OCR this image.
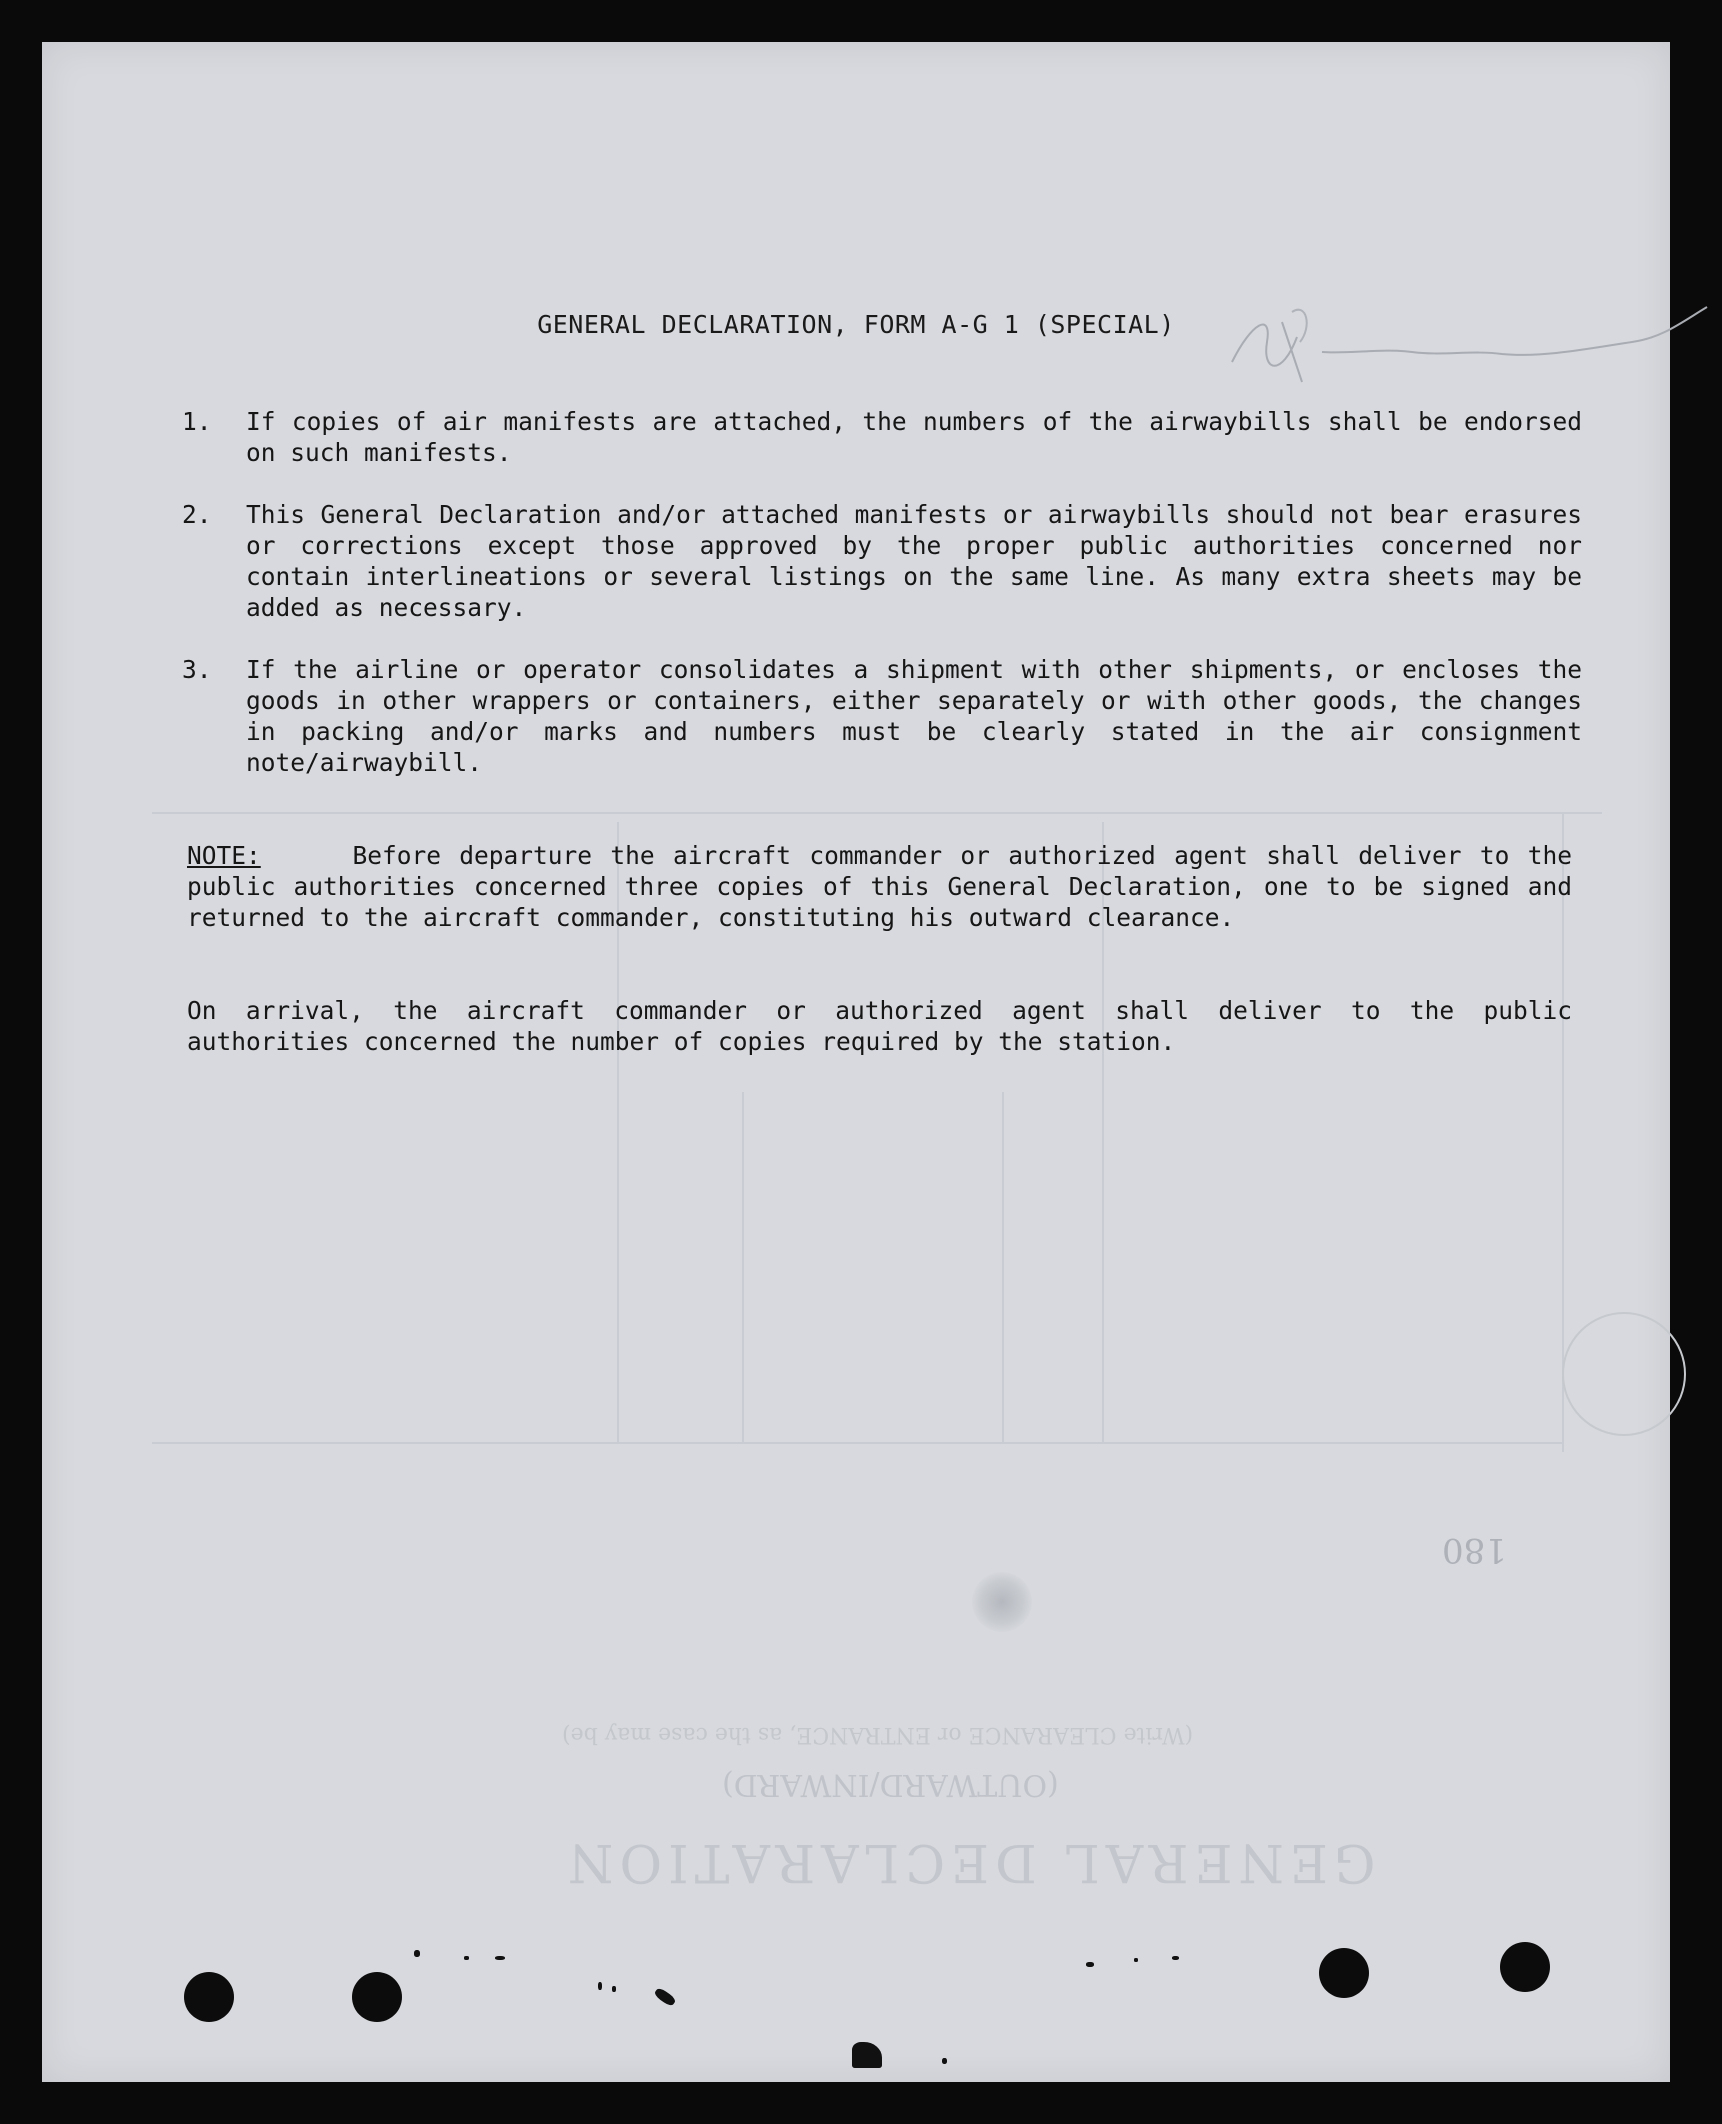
GENERAL DECLARATION
(OUTWARD/INWARD)
(Write CLEARANCE or ENTRANCE, as the case may be)
180
GENERAL DECLARATION, FORM A-G 1 (SPECIAL)
1. If copies of air manifests are attached, the numbers of the airwaybills shall be endorsed on such manifests.
2. This General Declaration and/or attached manifests or airwaybills should not bear erasures or corrections except those approved by the proper public authorities concerned nor contain interlineations or several listings on the same line. As many extra sheets may be added as necessary.
3. If the airline or operator consolidates a shipment with other shipments, or encloses the goods in other wrappers or containers, either separately or with other goods, the changes in packing and/or marks and numbers must be clearly stated in the air consignment note/airwaybill.
NOTE:	Before departure the aircraft commander or authorized agent shall deliver to the public authorities concerned three copies of this General Declaration, one to be signed and returned to the aircraft commander, constituting his outward clearance.
On arrival, the aircraft commander or authorized agent shall deliver to the public authorities concerned the number of copies required by the station.
